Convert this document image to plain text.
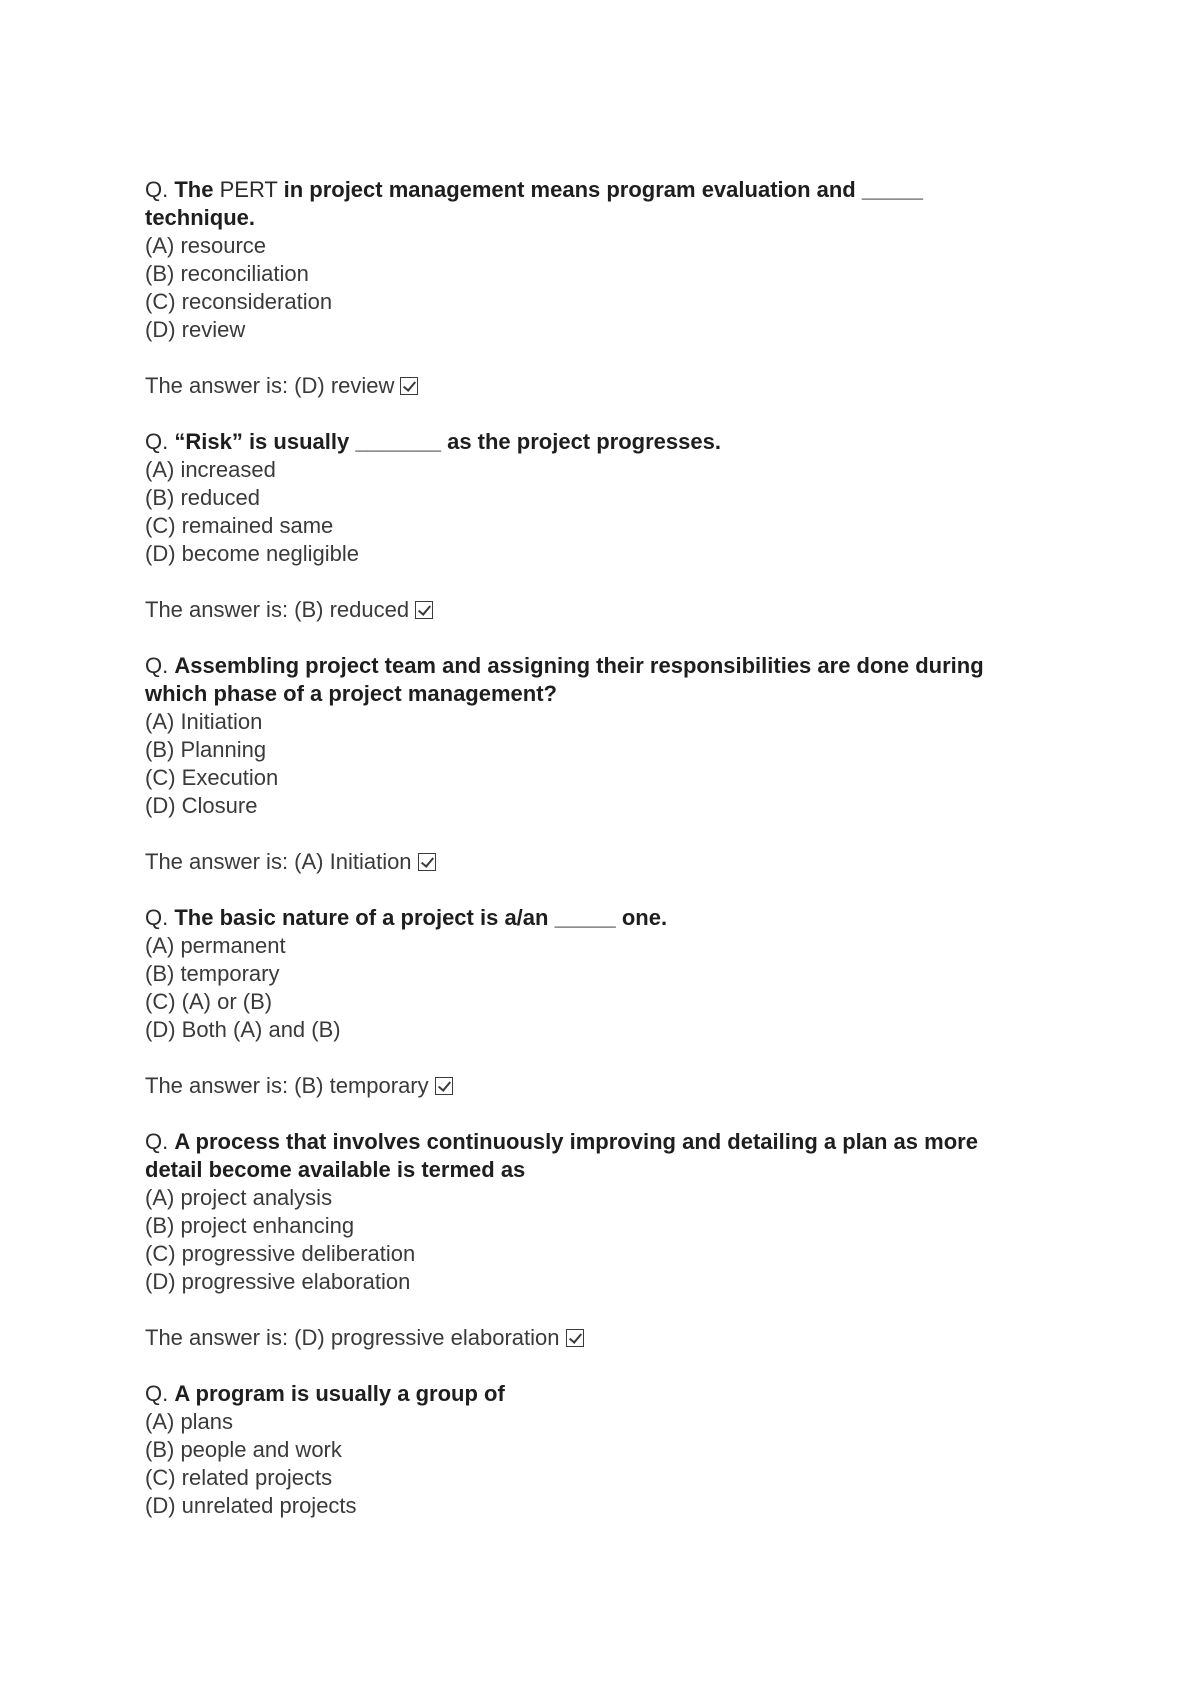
Q. The PERT in project management means program evaluation and _____ technique.

(A) resource
(B) reconciliation
(C) reconsideration
(D) review

The answer is: (D) review

Q. “Risk” is usually _______ as the project progresses.

(A) increased
(B) reduced
(C) remained same
(D) become negligible

The answer is: (B) reduced

Q. Assembling project team and assigning their responsibilities are done during which phase of a project management?

(A) Initiation
(B) Planning
(C) Execution
(D) Closure

The answer is: (A) Initiation

Q. The basic nature of a project is a/an _____ one.

(A) permanent
(B) temporary
(C) (A) or (B)
(D) Both (A) and (B)

The answer is: (B) temporary

Q. A process that involves continuously improving and detailing a plan as more detail become available is termed as

(A) project analysis
(B) project enhancing
(C) progressive deliberation
(D) progressive elaboration

The answer is: (D) progressive elaboration

Q. A program is usually a group of

(A) plans
(B) people and work
(C) related projects
(D) unrelated projects
